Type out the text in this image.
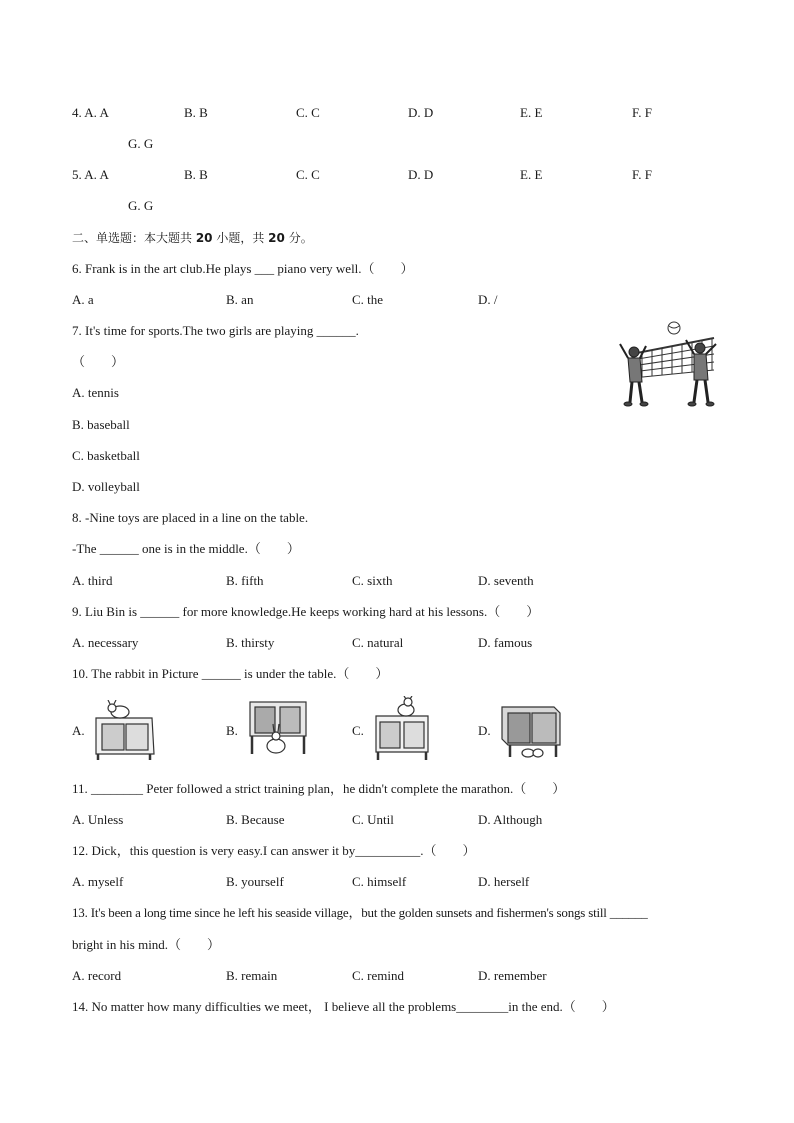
4. A. A	B. B	C. C	D. D	E. E	F. F
G. G
5. A. A	B. B	C. C	D. D	E. E	F. F
G. G
二、单选题：本大题共 20 小题，共 20 分。
6. Frank is in the art club.He plays ___ piano very well.（　　）
A. a	B. an	C. the	D. /
7. It's time for sports.The two girls are playing ______.
（　　）
A. tennis
B. baseball
C. basketball
D. volleyball
8. -Nine toys are placed in a line on the table.
-The ______ one is in the middle.（　　）
A. third	B. fifth	C. sixth	D. seventh
9. Liu Bin is ______ for more knowledge.He keeps working hard at his lessons.（　　）
A. necessary	B. thirsty	C. natural	D. famous
10. The rabbit in Picture ______ is under the table.（　　）
A.	B.	C.	D.
11. ________ Peter followed a strict training plan，he didn't complete the marathon.（　　）
A. Unless	B. Because	C. Until	D. Although
12. Dick，this question is very easy.I can answer it by__________.（　　）
A. myself	B. yourself	C. himself	D. herself
13. It's been a long time since he left his seaside village，but the golden sunsets and fishermen's songs still ______
bright in his mind.（　　）
A. record	B. remain	C. remind	D. remember
14. No matter how many difficulties we meet， I believe all the problems________in the end.（　　）
